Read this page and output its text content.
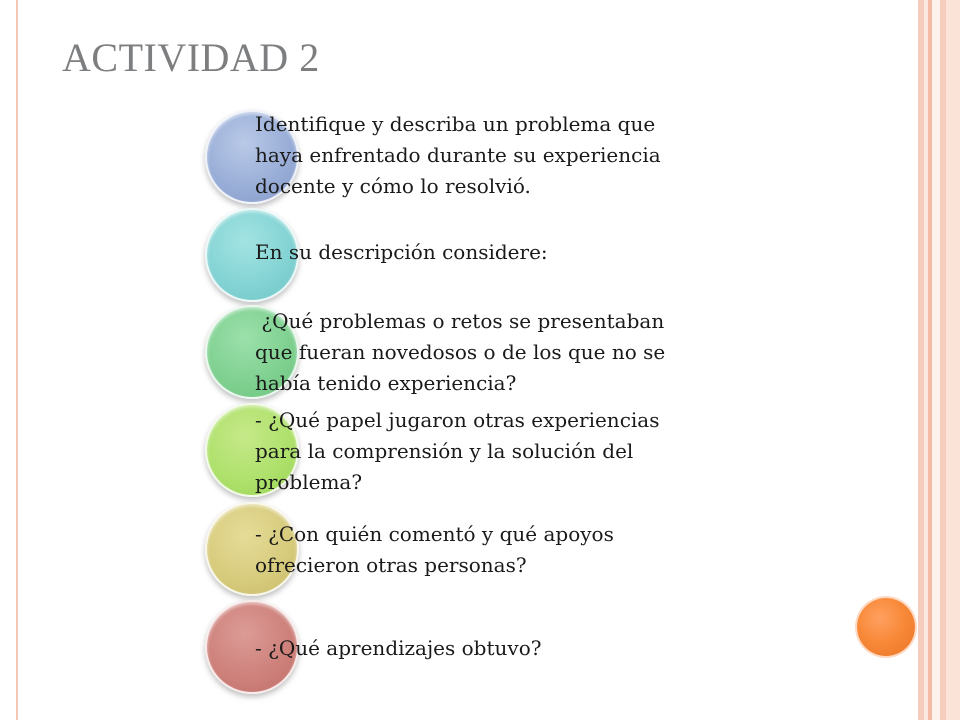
ACTIVIDAD 2
Identifique y describa un problema que
haya enfrentado durante su experiencia
docente y cómo lo resolvió.
En su descripción considere:
¿Qué problemas o retos se presentaban
que fueran novedosos o de los que no se
había tenido experiencia?
- ¿Qué papel jugaron otras experiencias
para la comprensión y la solución del
problema?
- ¿Con quién comentó y qué apoyos
ofrecieron otras personas?
- ¿Qué aprendizajes obtuvo?
